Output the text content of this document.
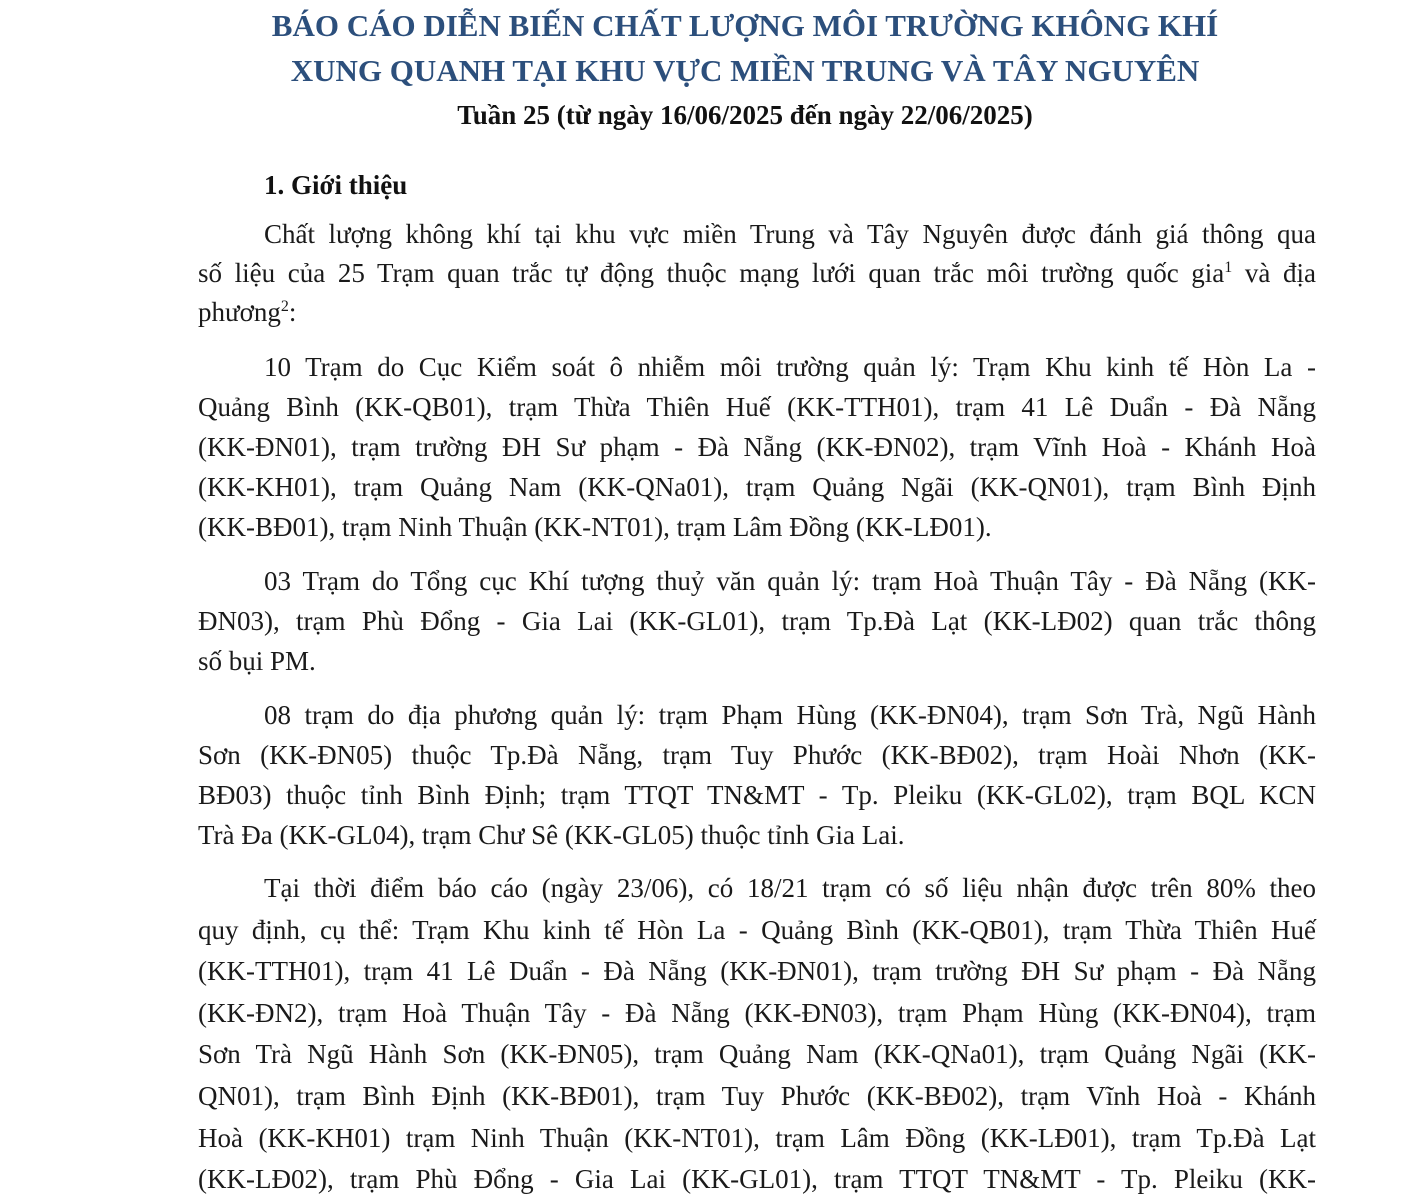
BÁO CÁO DIỄN BIẾN CHẤT LƯỢNG MÔI TRƯỜNG KHÔNG KHÍ
XUNG QUANH TẠI KHU VỰC MIỀN TRUNG VÀ TÂY NGUYÊN
Tuần 25 (từ ngày 16/06/2025 đến ngày 22/06/2025)
1. Giới thiệu

Chất lượng không khí tại khu vực miền Trung và Tây Nguyên được đánh giá thông qua
số liệu của 25 Trạm quan trắc tự động thuộc mạng lưới quan trắc môi trường quốc gia$^1$ và địa
phương$^2$:

10 Trạm do Cục Kiểm soát ô nhiễm môi trường quản lý: Trạm Khu kinh tế Hòn La -
Quảng Bình (KK-QB01), trạm Thừa Thiên Huế (KK-TTH01), trạm 41 Lê Duẩn - Đà Nẵng
(KK-ĐN01), trạm trường ĐH Sư phạm - Đà Nẵng (KK-ĐN02), trạm Vĩnh Hoà - Khánh Hoà
(KK-KH01), trạm Quảng Nam (KK-QNa01), trạm Quảng Ngãi (KK-QN01), trạm Bình Định
(KK-BĐ01), trạm Ninh Thuận (KK-NT01), trạm Lâm Đồng (KK-LĐ01).

03 Trạm do Tổng cục Khí tượng thuỷ văn quản lý: trạm Hoà Thuận Tây - Đà Nẵng (KK-
ĐN03), trạm Phù Đổng - Gia Lai (KK-GL01), trạm Tp.Đà Lạt (KK-LĐ02) quan trắc thông
số bụi PM.

08 trạm do địa phương quản lý: trạm Phạm Hùng (KK-ĐN04), trạm Sơn Trà, Ngũ Hành
Sơn (KK-ĐN05) thuộc Tp.Đà Nẵng, trạm Tuy Phước (KK-BĐ02), trạm Hoài Nhơn (KK-
BĐ03) thuộc tỉnh Bình Định; trạm TTQT TN&MT - Tp. Pleiku (KK-GL02), trạm BQL KCN
Trà Đa (KK-GL04), trạm Chư Sê (KK-GL05) thuộc tỉnh Gia Lai.

Tại thời điểm báo cáo (ngày 23/06), có 18/21 trạm có số liệu nhận được trên 80% theo
quy định, cụ thể: Trạm Khu kinh tế Hòn La - Quảng Bình (KK-QB01), trạm Thừa Thiên Huế
(KK-TTH01), trạm 41 Lê Duẩn - Đà Nẵng (KK-ĐN01), trạm trường ĐH Sư phạm - Đà Nẵng
(KK-ĐN2), trạm Hoà Thuận Tây - Đà Nẵng (KK-ĐN03), trạm Phạm Hùng (KK-ĐN04), trạm
Sơn Trà Ngũ Hành Sơn (KK-ĐN05), trạm Quảng Nam (KK-QNa01), trạm Quảng Ngãi (KK-
QN01), trạm Bình Định (KK-BĐ01), trạm Tuy Phước (KK-BĐ02), trạm Vĩnh Hoà - Khánh
Hoà (KK-KH01) trạm Ninh Thuận (KK-NT01), trạm Lâm Đồng (KK-LĐ01), trạm Tp.Đà Lạt
(KK-LĐ02), trạm Phù Đổng - Gia Lai (KK-GL01), trạm TTQT TN&MT - Tp. Pleiku (KK-
